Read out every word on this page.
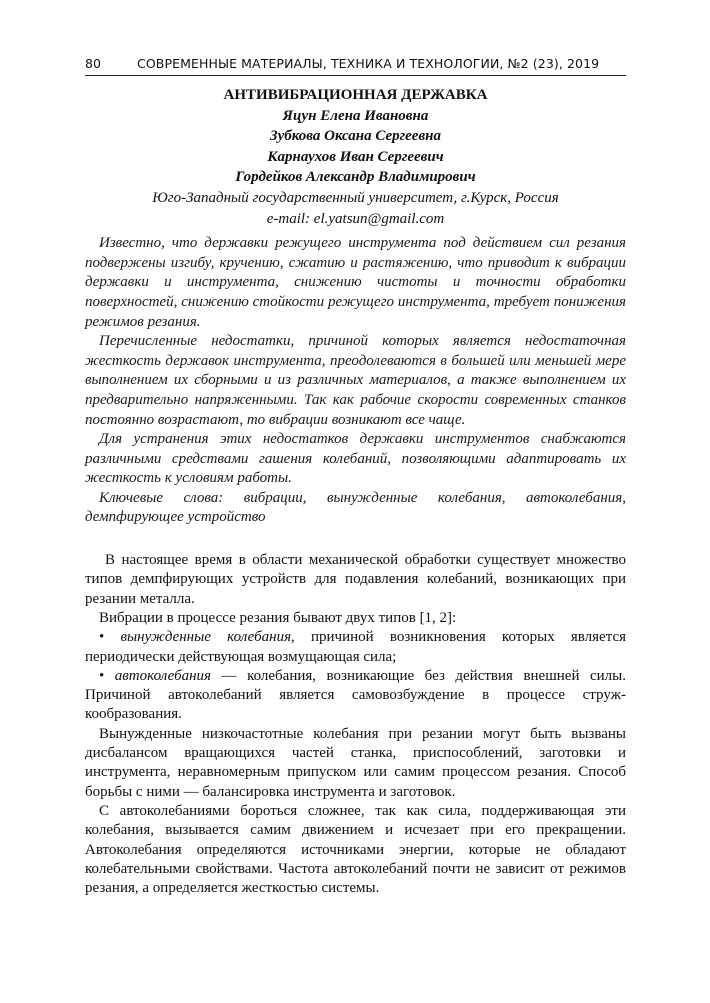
80	СОВРЕМЕННЫЕ МАТЕРИАЛЫ, ТЕХНИКА И ТЕХНОЛОГИИ, №2 (23), 2019
АНТИВИБРАЦИОННАЯ ДЕРЖАВКА
Яцун Елена Ивановна
Зубкова Оксана Сергеевна
Карнаухов Иван Сергеевич
Гордейков Александр Владимирович
Юго-Западный государственный университет, г.Курск, Россия
e-mail: el.yatsun@gmail.com

Известно, что державки режущего инструмента под действием сил резания подвержены изгибу, кручению, сжатию и растяжению, что приводит к вибрации державки и инструмента, снижению чистоты и точности обработки поверхностей, снижению стойкости режущего инструмента, требует понижения режимов резания.

Перечисленные недостатки, причиной которых является недостаточная жесткость державок инструмента, преодолеваются в большей или меньшей мере выполнением их сборными и из различных материалов, а также выполнением их предварительно напряженными. Так как рабочие скорости современных станков постоянно возрастают, то вибрации возникают все чаще.

Для устранения этих недостатков державки инструментов снабжаются различными средствами гашения колебаний, позволяющими адаптировать их жесткость к условиям работы.

Ключевые слова: вибрации, вынужденные колебания, автоколебания, демпфирующее устройство

В настоящее время в области механической обработки существует множество типов демпфирующих устройств для подавления колебаний, возникающих при резании металла.

Вибрации в процессе резания бывают двух типов [1, 2]:

• вынужденные колебания, причиной возникновения которых является периодически действующая возмущающая сила;

• автоколебания — колебания, возникающие без действия внешней силы. Причиной автоколебаний является самовозбуждение в процессе струж- кообразования.

Вынужденные низкочастотные колебания при резании могут быть вызваны дисбалансом вращающихся частей станка, приспособлений, заготовки и инструмента, неравномерным припуском или самим процессом резания. Способ борьбы с ними — балансировка инструмента и заготовок.

С автоколебаниями бороться сложнее, так как сила, поддерживающая эти колебания, вызывается самим движением и исчезает при его прекращении. Автоколебания определяются источниками энергии, которые не обладают колебательными свойствами. Частота автоколебаний почти не зависит от режимов резания, а определяется жесткостью системы.
